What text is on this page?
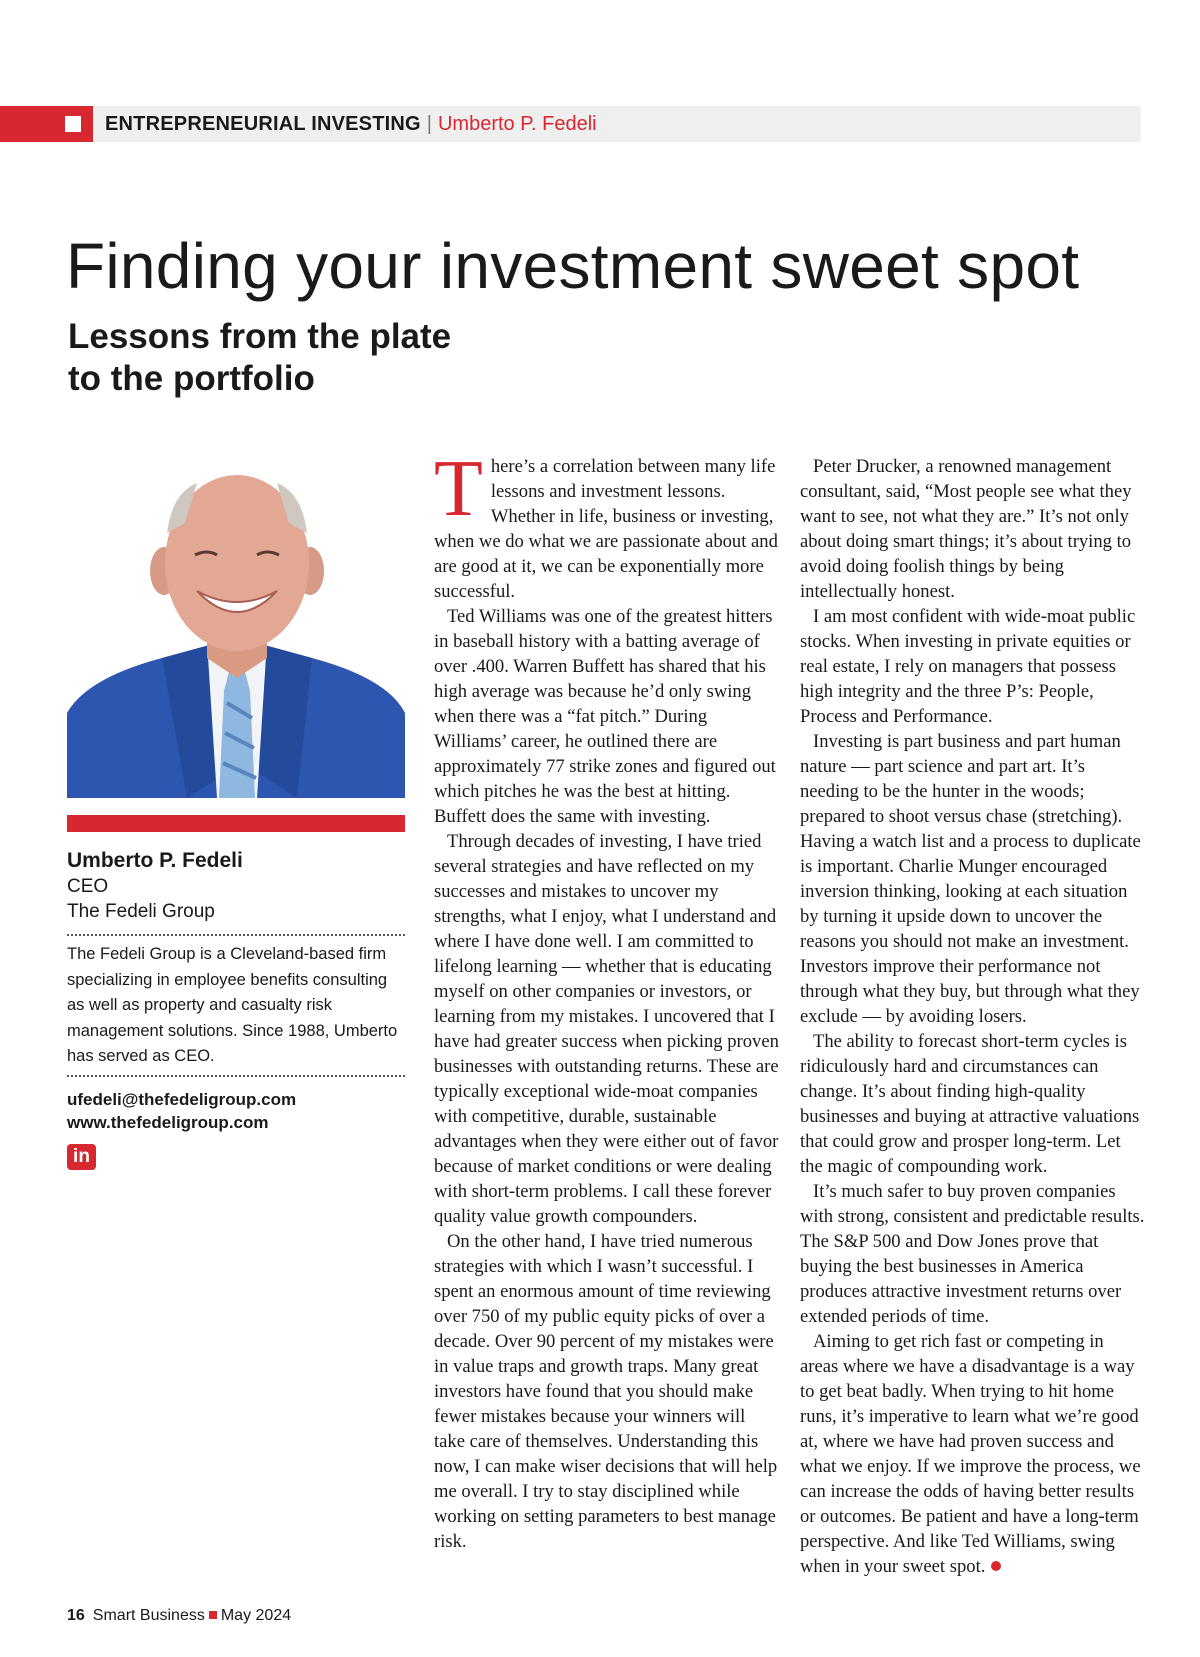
ENTREPRENEURIAL INVESTING | Umberto P. Fedeli
Finding your investment sweet spot
Lessons from the plate
to the portfolio
Umberto P. Fedeli
CEO
The Fedeli Group
The Fedeli Group is a Cleveland-based firm specializing in employee benefits consulting as well as property and casualty risk management solutions. Since 1988, Umberto has served as CEO.
ufedeli@thefedeligroup.com
www.thefedeligroup.com
in

There’s a correlation between many life lessons and investment lessons. Whether in life, business or investing, when we do what we are passionate about and are good at it, we can be exponentially more successful.

Ted Williams was one of the greatest hitters in baseball history with a batting average of over .400. Warren Buffett has shared that his high average was because he’d only swing when there was a “fat pitch.” During Williams’ career, he outlined there are approximately 77 strike zones and figured out which pitches he was the best at hitting. Buffett does the same with investing.

Through decades of investing, I have tried several strategies and have reflected on my successes and mistakes to uncover my strengths, what I enjoy, what I understand and where I have done well. I am committed to lifelong learning — whether that is educating myself on other companies or investors, or learning from my mistakes. I uncovered that I have had greater success when picking proven businesses with outstanding returns. These are typically exceptional wide-moat companies with competitive, durable, sustainable advantages when they were either out of favor because of market conditions or were dealing with short-term problems. I call these forever quality value growth compounders.

On the other hand, I have tried numerous strategies with which I wasn’t successful. I spent an enormous amount of time reviewing over 750 of my public equity picks of over a decade. Over 90 percent of my mistakes were in value traps and growth traps. Many great investors have found that you should make fewer mistakes because your winners will take care of themselves. Understanding this now, I can make wiser decisions that will help me overall. I try to stay disciplined while working on setting parameters to best manage risk.

Peter Drucker, a renowned management consultant, said, “Most people see what they want to see, not what they are.” It’s not only about doing smart things; it’s about trying to avoid doing foolish things by being intellectually honest.

I am most confident with wide-moat public stocks. When investing in private equities or real estate, I rely on managers that possess high integrity and the three P’s: People, Process and Performance.

Investing is part business and part human nature — part science and part art. It’s needing to be the hunter in the woods; prepared to shoot versus chase (stretching). Having a watch list and a process to duplicate is important. Charlie Munger encouraged inversion thinking, looking at each situation by turning it upside down to uncover the reasons you should not make an investment. Investors improve their performance not through what they buy, but through what they exclude — by avoiding losers.

The ability to forecast short-term cycles is ridiculously hard and circumstances can change. It’s about finding high-quality businesses and buying at attractive valuations that could grow and prosper long-term. Let the magic of compounding work.

It’s much safer to buy proven companies with strong, consistent and predictable results. The S&P 500 and Dow Jones prove that buying the best businesses in America produces attractive investment returns over extended periods of time.

Aiming to get rich fast or competing in areas where we have a disadvantage is a way to get beat badly. When trying to hit home runs, it’s imperative to learn what we’re good at, where we have had proven success and what we enjoy. If we improve the process, we can increase the odds of having better results or outcomes. Be patient and have a long-term perspective. And like Ted Williams, swing when in your sweet spot.

16 Smart Business May 2024
